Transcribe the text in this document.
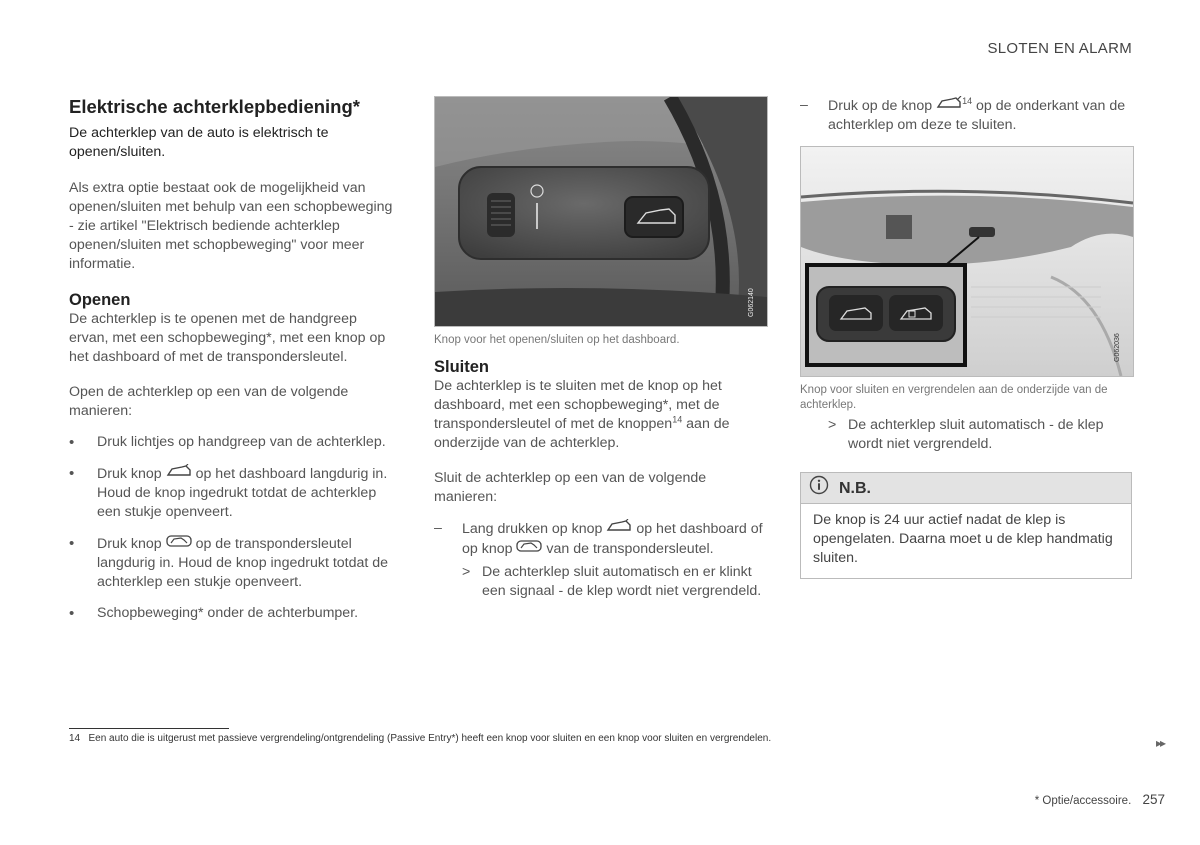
SLOTEN EN ALARM
Elektrische achterklepbediening*

De achterklep van de auto is elektrisch te openen/sluiten.

Als extra optie bestaat ook de mogelijkheid van openen/sluiten met behulp van een schopbeweging - zie artikel "Elektrisch bediende achterklep openen/sluiten met schopbeweging" voor meer informatie.

Openen

De achterklep is te openen met de handgreep ervan, met een schopbeweging*, met een knop op het dashboard of met de transpondersleutel.

Open de achterklep op een van de volgende manieren:

• Druk lichtjes op handgreep van de achterklep.
• Druk knop op het dashboard langdurig in. Houd de knop ingedrukt totdat de achterklep een stukje openveert.
• Druk knop op de transpondersleutel langdurig in. Houd de knop ingedrukt totdat de achterklep een stukje openveert.
• Schopbeweging* onder de achterbumper.
G062140

Knop voor het openen/sluiten op het dashboard.

Sluiten

De achterklep is te sluiten met de knop op het dashboard, met een schopbeweging*, met de transpondersleutel of met de knoppen$^{14}$ aan de onderzijde van de achterklep.

Sluit de achterklep op een van de volgende manieren:

– Lang drukken op knop op het dashboard of op knop van de transpondersleutel.
> De achterklep sluit automatisch en er klinkt een signaal - de klep wordt niet vergrendeld.
– Druk op de knop	$^{14}$ op de onderkant van de achterklep om deze te sluiten.
G062036

Knop voor sluiten en vergrendelen aan de onderzijde van de achterklep.

> De achterklep sluit automatisch - de klep wordt niet vergrendeld.
N.B.
De knop is 24 uur actief nadat de klep is opengelaten. Daarna moet u de klep handmatig sluiten.
14 Een auto die is uitgerust met passieve vergrendeling/ontgrendeling (Passive Entry*) heeft een knop voor sluiten en een knop voor sluiten en vergrendelen.	▸▸
* Optie/accessoire. 257
